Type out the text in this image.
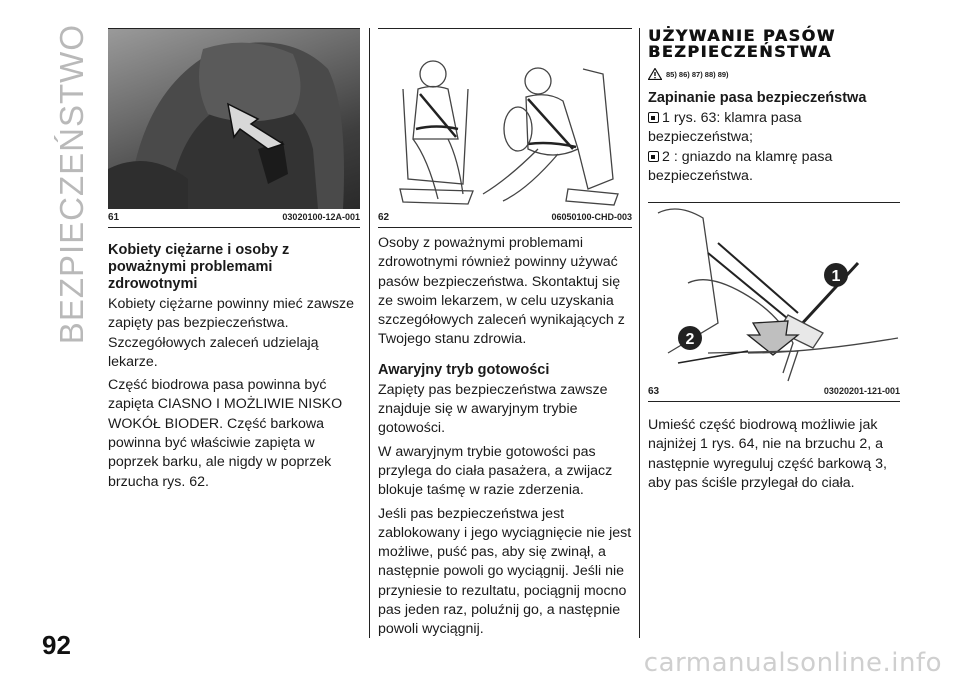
BEZPIECZEŃSTWO 61	03020100-12A-001
Kobiety ciężarne i osoby z poważnymi problemami zdrowotnymi

Kobiety ciężarne powinny mieć zawsze zapięty pas bezpieczeństwa. Szczegółowych zaleceń udzielają lekarze.

Część biodrowa pasa powinna być zapięta CIASNO I MOŻLIWIE NISKO WOKÓŁ BIODER. Część barkowa powinna być właściwie zapięta w poprzek barku, ale nigdy w poprzek brzucha rys. 62.

62	06050100-CHD-003

Osoby z poważnymi problemami zdrowotnymi również powinny używać pasów bezpieczeństwa. Skontaktuj się ze swoim lekarzem, w celu uzyskania szczegółowych zaleceń wynikających z Twojego stanu zdrowia.

Awaryjny tryb gotowości

Zapięty pas bezpieczeństwa zawsze znajduje się w awaryjnym trybie gotowości.

W awaryjnym trybie gotowości pas przylega do ciała pasażera, a zwijacz blokuje taśmę w razie zderzenia.

Jeśli pas bezpieczeństwa jest zablokowany i jego wyciągnięcie nie jest możliwe, puść pas, aby się zwinął, a następnie powoli go wyciągnij. Jeśli nie przyniesie to rezultatu, pociągnij mocno pas jeden raz, poluźnij go, a następnie powoli wyciągnij.

UŻYWANIE PASÓW
BEZPIECZEŃSTWA
85) 86) 87) 88) 89)
Zapinanie pasa bezpieczeństwa
1 rys. 63: klamra pasa bezpieczeństwa;
2 : gniazdo na klamrę pasa bezpieczeństwa.
1
2
63	03020201-121-001

Umieść część biodrową możliwie jak najniżej 1 rys. 64, nie na brzuchu 2, a następnie wyreguluj część barkową 3, aby pas ściśle przylegał do ciała.

92
carmanualsonline.info
